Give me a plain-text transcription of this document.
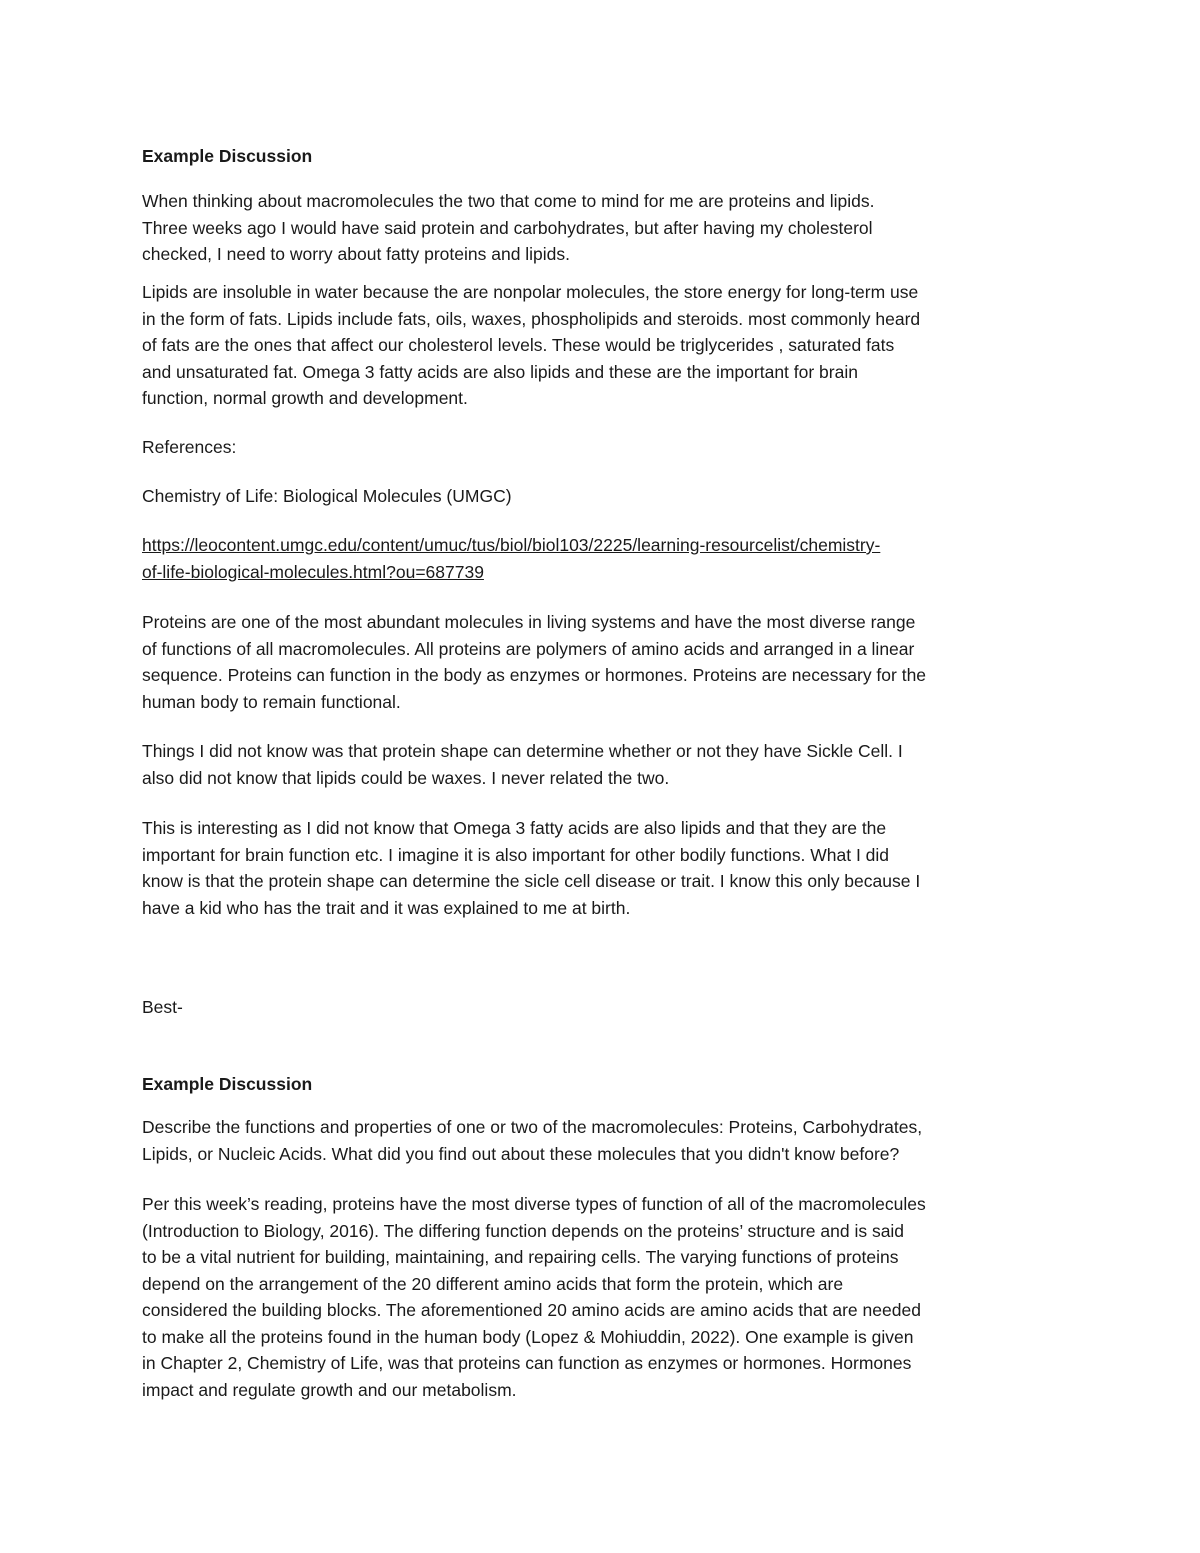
Example Discussion

When thinking about macromolecules the two that come to mind for me are proteins and lipids.
Three weeks ago I would have said protein and carbohydrates, but after having my cholesterol
checked, I need to worry about fatty proteins and lipids.

Lipids are insoluble in water because the are nonpolar molecules, the store energy for long-term use
in the form of fats. Lipids include fats, oils, waxes, phospholipids and steroids. most commonly heard
of fats are the ones that affect our cholesterol levels. These would be triglycerides , saturated fats
and unsaturated fat. Omega 3 fatty acids are also lipids and these are the important for brain
function, normal growth and development.

References:

Chemistry of Life: Biological Molecules (UMGC)

https://leocontent.umgc.edu/content/umuc/tus/biol/biol103/2225/learning-resourcelist/chemistry-
of-life-biological-molecules.html?ou=687739

Proteins are one of the most abundant molecules in living systems and have the most diverse range
of functions of all macromolecules. All proteins are polymers of amino acids and arranged in a linear
sequence. Proteins can function in the body as enzymes or hormones. Proteins are necessary for the
human body to remain functional.

Things I did not know was that protein shape can determine whether or not they have Sickle Cell. I
also did not know that lipids could be waxes. I never related the two.

This is interesting as I did not know that Omega 3 fatty acids are also lipids and that they are the
important for brain function etc. I imagine it is also important for other bodily functions. What I did
know is that the protein shape can determine the sicle cell disease or trait. I know this only because I
have a kid who has the trait and it was explained to me at birth.

Best-

Example Discussion

Describe the functions and properties of one or two of the macromolecules: Proteins, Carbohydrates,
Lipids, or Nucleic Acids. What did you find out about these molecules that you didn't know before?

Per this week’s reading, proteins have the most diverse types of function of all of the macromolecules
(Introduction to Biology, 2016). The differing function depends on the proteins’ structure and is said
to be a vital nutrient for building, maintaining, and repairing cells. The varying functions of proteins
depend on the arrangement of the 20 different amino acids that form the protein, which are
considered the building blocks. The aforementioned 20 amino acids are amino acids that are needed
to make all the proteins found in the human body (Lopez & Mohiuddin, 2022). One example is given
in Chapter 2, Chemistry of Life, was that proteins can function as enzymes or hormones. Hormones
impact and regulate growth and our metabolism.
